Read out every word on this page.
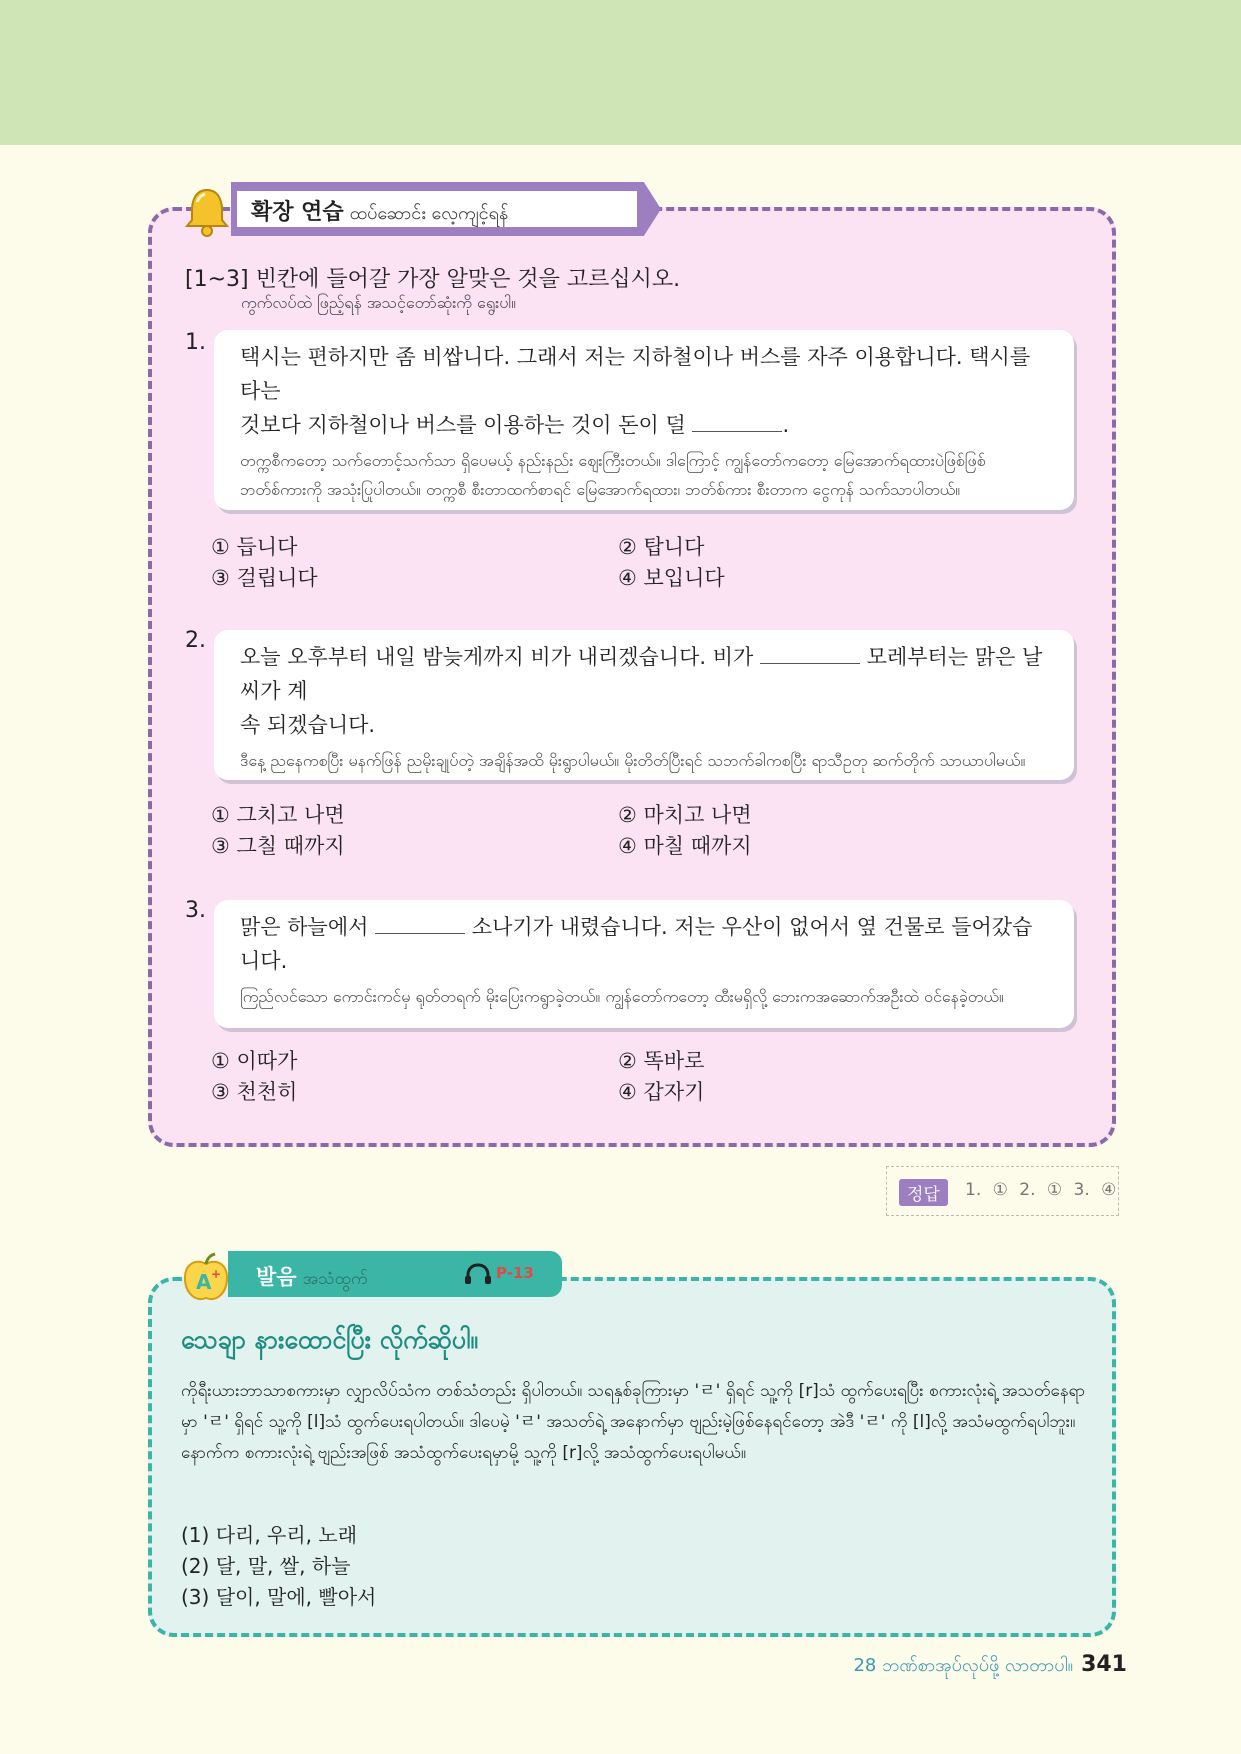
확장 연습 ထပ်ဆောင်း လေ့ကျင့်ရန်
[1~3] 빈칸에 들어갈 가장 알맞은 것을 고르십시오.
ကွက်လပ်ထဲ ဖြည့်ရန် အသင့်တော်ဆုံးကို ရွေးပါ။
1.
택시는 편하지만 좀 비쌉니다. 그래서 저는 지하철이나 버스를 자주 이용합니다. 택시를 타는
것보다 지하철이나 버스를 이용하는 것이 돈이 덜	.
တက္ကစီကတော့ သက်တောင့်သက်သာ ရှိပေမယ့် နည်းနည်း ဈေးကြီးတယ်။ ဒါကြောင့် ကျွန်တော်ကတော့ မြေအောက်ရထားပဲဖြစ်ဖြစ် ဘတ်စ်ကားကို အသုံးပြုပါတယ်။ တက္ကစီ စီးတာထက်စာရင် မြေအောက်ရထား၊ ဘတ်စ်ကား စီးတာက ငွေကုန် သက်သာပါတယ်။
① 듭니다	② 탑니다
③ 걸립니다	④ 보입니다
2.
오늘 오후부터 내일 밤늦게까지 비가 내리겠습니다. 비가	모레부터는 맑은 날씨가 계
속 되겠습니다.
ဒီနေ့ ညနေကစပြီး မနက်ဖြန် ညမိုးချုပ်တဲ့ အချိန်အထိ မိုးရွာပါမယ်။ မိုးတိတ်ပြီးရင် သဘက်ခါကစပြီး ရာသီဥတု ဆက်တိုက် သာယာပါမယ်။
① 그치고 나면	② 마치고 나면
③ 그칠 때까지	④ 마칠 때까지
3.
맑은 하늘에서	소나기가 내렸습니다. 저는 우산이 없어서 옆 건물로 들어갔습니다.
ကြည်လင်သော ကောင်းကင်မှ ရုတ်တရက် မိုးပြေးကရွာခဲ့တယ်။ ကျွန်တော်ကတော့ ထီးမရှိလို့ ဘေးကအဆောက်အဦးထဲ ဝင်နေခဲ့တယ်။
① 이따가	② 똑바로
③ 천천히	④ 갑자기
정답	1. ① 2. ① 3. ④
발음 အသံထွက်	P-13
A +
သေချာ နားထောင်ပြီး လိုက်ဆိုပါ။
ကိုရီးယားဘာသာစကားမှာ လျှာလိပ်သံက တစ်သံတည်း ရှိပါတယ်။ သရနှစ်ခုကြားမှာ 'ㄹ' ရှိရင် သူ့ကို [r]သံ ထွက်ပေးရပြီး စကားလုံးရဲ့ အသတ်နေရာမှာ 'ㄹ' ရှိရင် သူ့ကို [l]သံ ထွက်ပေးရပါတယ်။ ဒါပေမဲ့ 'ㄹ' အသတ်ရဲ့ အနောက်မှာ ဗျည်းမဲ့ဖြစ်နေရင်တော့ အဲဒီ 'ㄹ' ကို [l]လို့ အသံမထွက်ရပါဘူး။ နောက်က စကားလုံးရဲ့ ဗျည်းအဖြစ် အသံထွက်ပေးရမှာမို့ သူ့ကို [r]လို့ အသံထွက်ပေးရပါမယ်။
(1) 다리, 우리, 노래
(2) 달, 말, 쌀, 하늘
(3) 달이, 말에, 빨아서
28 ဘဏ်စာအုပ်လုပ်ဖို့ လာတာပါ။ 341
